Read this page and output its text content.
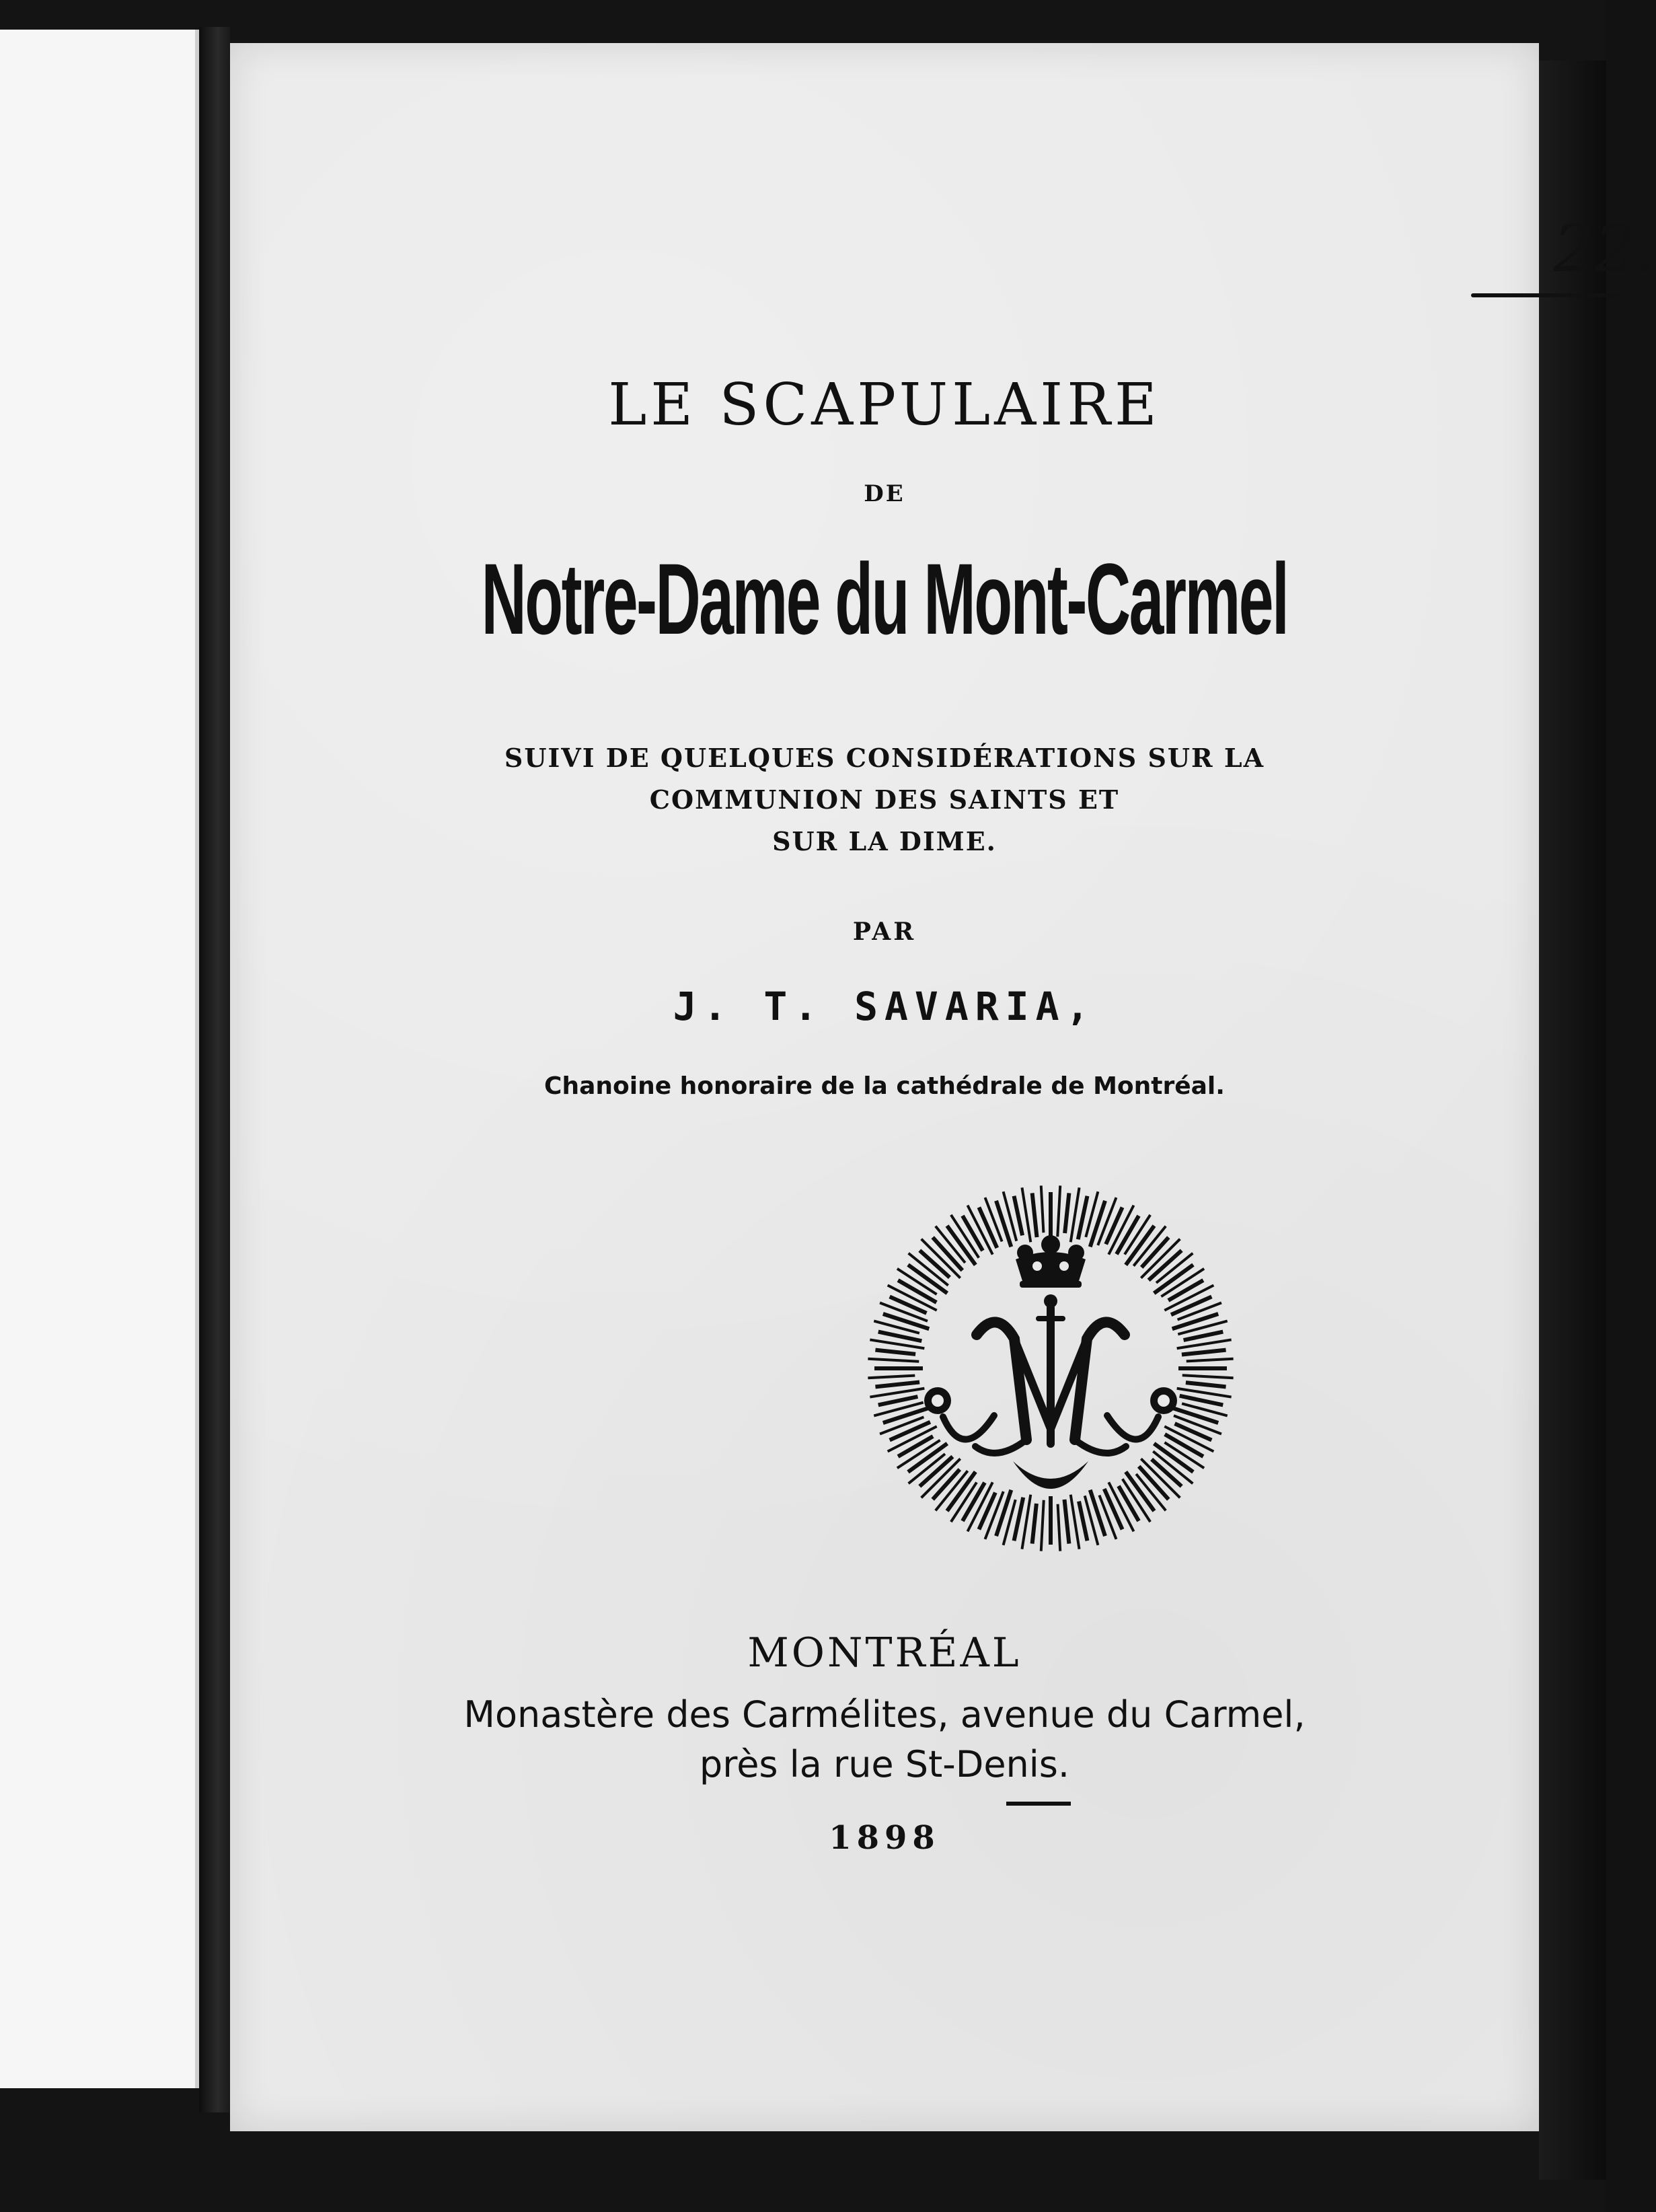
22.
LE SCAPULAIRE
DE
Notre-Dame du Mont-Carmel
SUIVI DE QUELQUES CONSIDÉRATIONS SUR LA
COMMUNION DES SAINTS ET
SUR LA DIME.
PAR
J. T. SAVARIA,
Chanoine honoraire de la cathédrale de Montréal.
MONTRÉAL
Monastère des Carmélites, avenue du Carmel,
près la rue St-Denis.
1898
